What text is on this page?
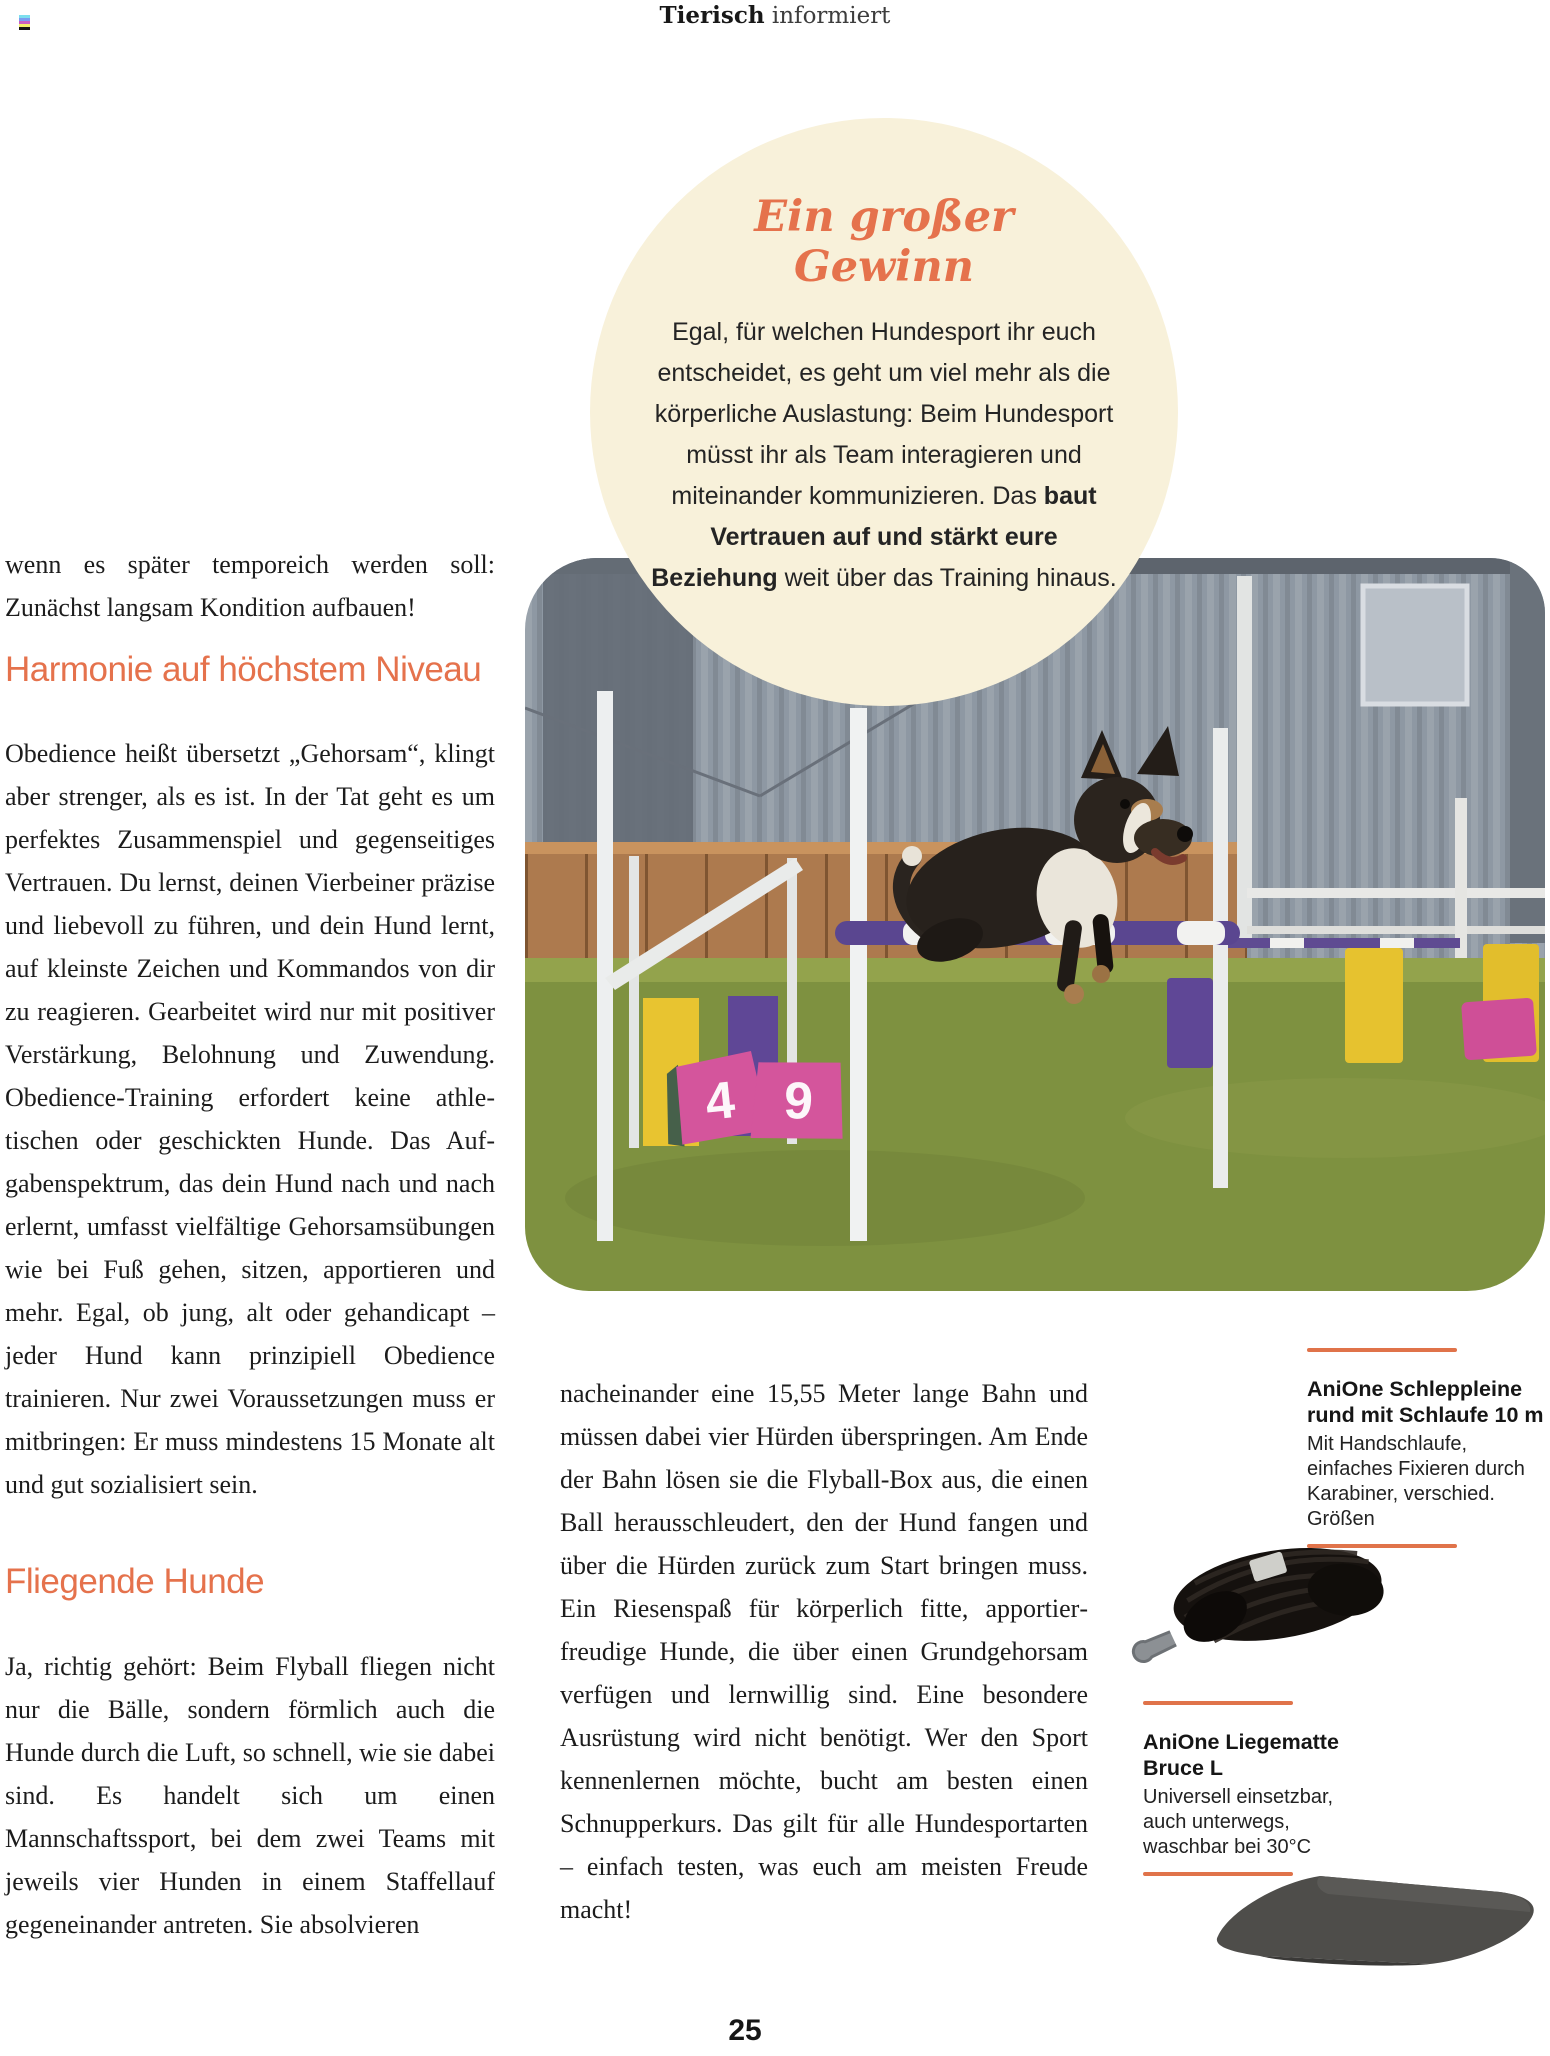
Tierisch informiert
4 9
Ein großer
Gewinn
Egal, für welchen Hundesport ihr euch entscheidet, es geht um viel mehr als die körperliche Auslastung: Beim Hundesport müsst ihr als Team interagieren und miteinander kommunizieren. Das baut Vertrauen auf und stärkt eure Beziehung weit über das Training hinaus.
wenn es später temporeich werden soll: Zunächst langsam Kondition aufbauen!
Harmonie auf höchstem Niveau
Obedience heißt übersetzt „Gehorsam“, klingt aber strenger, als es ist. In der Tat geht es um perfektes Zusammenspiel und gegenseitiges Vertrauen. Du lernst, deinen Vierbeiner präzise und liebevoll zu führen, und dein Hund lernt, auf kleinste Zeichen und Kommandos von dir zu reagieren. Gearbeitet wird nur mit positiver Verstärkung, Belohnung und Zuwendung. Obedience-Training erfordert keine athletischen oder geschickten Hunde. Das Aufgabenspektrum, das dein Hund nach und nach erlernt, umfasst vielfältige Gehorsamsübungen wie bei Fuß gehen, sitzen, apportieren und mehr. Egal, ob jung, alt oder gehandicapt – jeder Hund kann prinzipiell Obedience trainieren. Nur zwei Voraussetzungen muss er mitbringen: Er muss mindestens 15 Monate alt und gut sozialisiert sein.
Fliegende Hunde
Ja, richtig gehört: Beim Flyball fliegen nicht nur die Bälle, sondern förmlich auch die Hunde durch die Luft, so schnell, wie sie dabei sind. Es handelt sich um einen Mannschaftssport, bei dem zwei Teams mit jeweils vier Hunden in einem Staffellauf gegeneinander antreten. Sie absolvieren
nacheinander eine 15,55 Meter lange Bahn und müssen dabei vier Hürden überspringen. Am Ende der Bahn lösen sie die Flyball-Box aus, die einen Ball herausschleudert, den der Hund fangen und über die Hürden zurück zum Start bringen muss. Ein Riesenspaß für körperlich fitte, apportierfreudige Hunde, die über einen Grundgehorsam verfügen und lernwillig sind. Eine besondere Ausrüstung wird nicht benötigt. Wer den Sport kennenlernen möchte, bucht am besten einen Schnupperkurs. Das gilt für alle Hundesportarten – einfach testen, was euch am meisten Freude macht!
AniOne Schleppleine rund mit Schlaufe 10 m
Mit Handschlaufe, einfaches Fixieren durch Karabiner, verschied. Größen
AniOne Liegematte Bruce L
Universell einsetzbar, auch unterwegs, waschbar bei 30°C
25
